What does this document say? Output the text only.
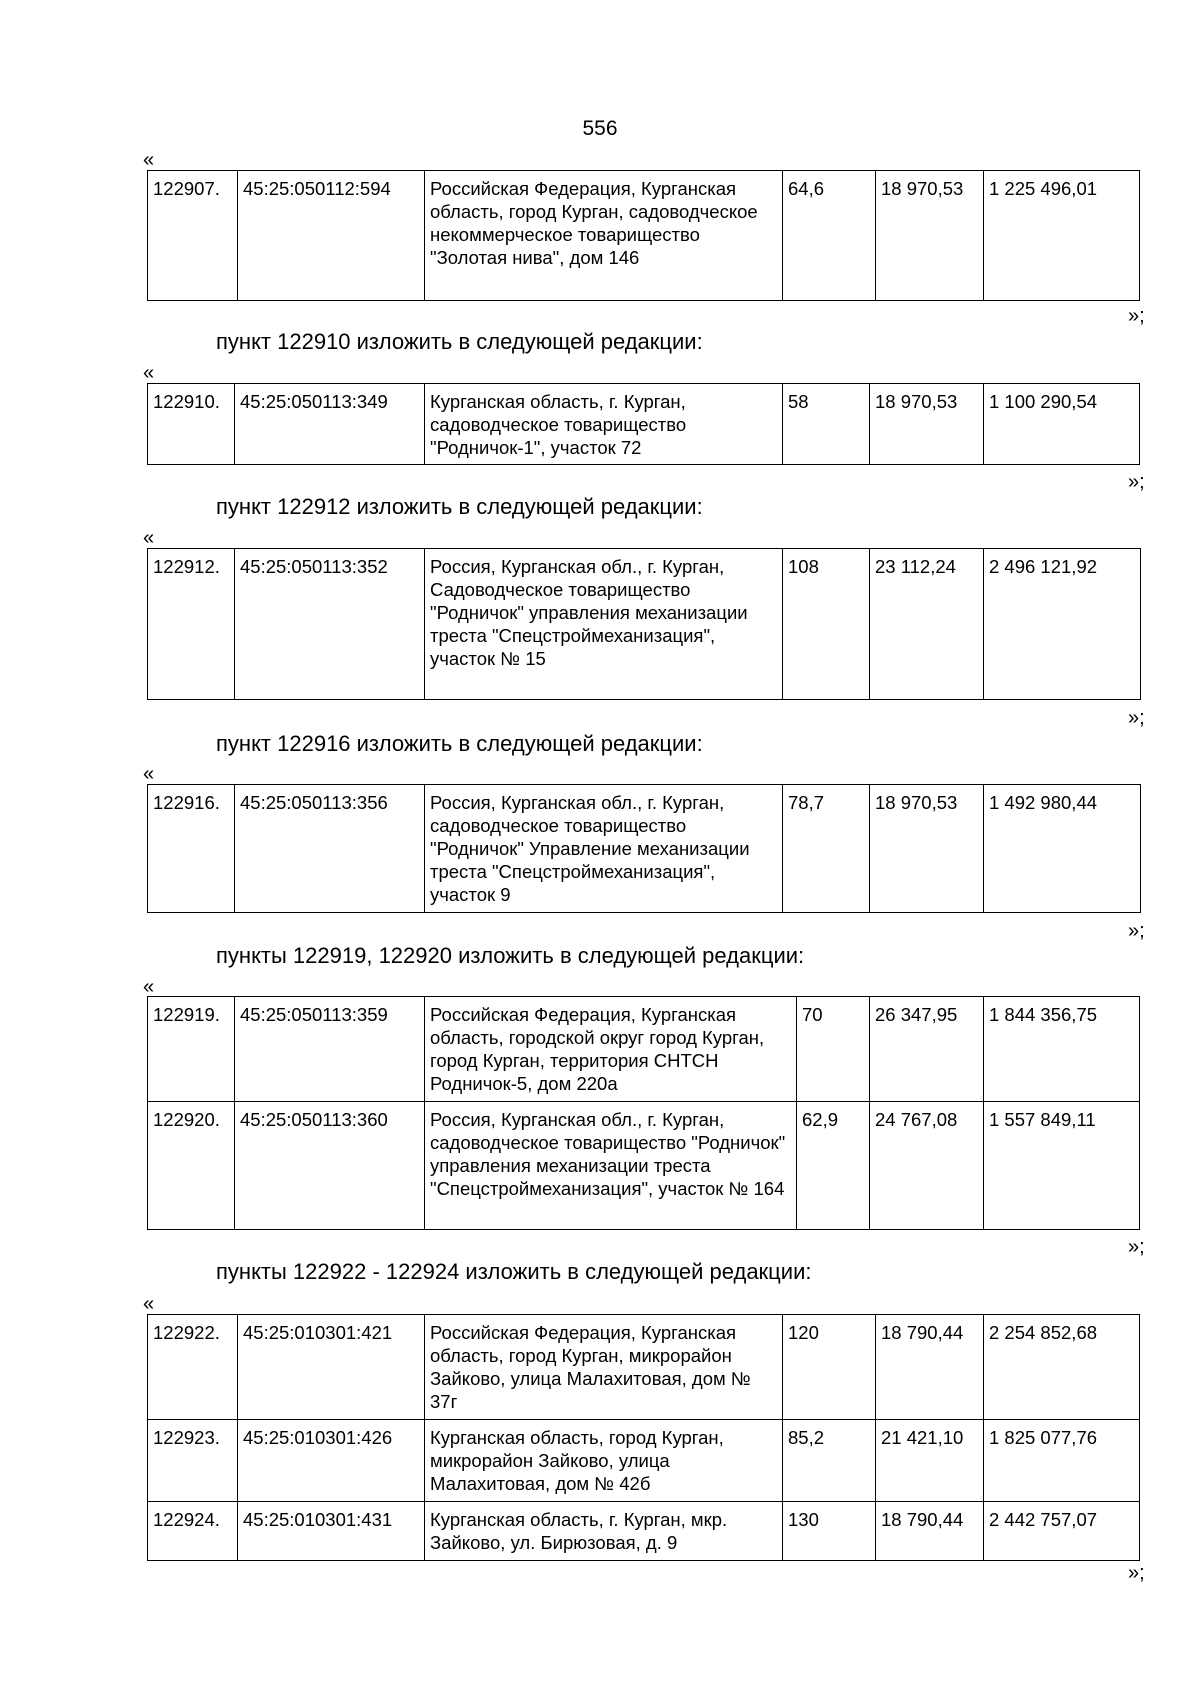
556
«
122907.	45:25:050112:594	Российская Федерация, Курганская область, город Курган, садоводческое некоммерческое товарищество "Золотая нива", дом 146	64,6	18 970,53	1 225 496,01
»;
пункт 122910 изложить в следующей редакции:
«
122910.	45:25:050113:349	Курганская область, г. Курган, садоводческое товарищество "Родничок-1", участок 72	58	18 970,53	1 100 290,54
»;
пункт 122912 изложить в следующей редакции:
«
122912.	45:25:050113:352	Россия, Курганская обл., г. Курган, Садоводческое товарищество "Родничок" управления механизации треста "Спецстроймеханизация", участок № 15	108	23 112,24	2 496 121,92
»;
пункт 122916 изложить в следующей редакции:
«
122916.	45:25:050113:356	Россия, Курганская обл., г. Курган, садоводческое товарищество "Родничок" Управление механизации треста "Спецстроймеханизация", участок 9	78,7	18 970,53	1 492 980,44
»;
пункты 122919, 122920 изложить в следующей редакции:
«
122919.	45:25:050113:359	Российская Федерация, Курганская область, городской округ город Курган, город Курган, территория СНТСН Родничок-5, дом 220а	70	26 347,95	1 844 356,75
122920.	45:25:050113:360	Россия, Курганская обл., г. Курган, садоводческое товарищество "Родничок" управления механизации треста "Спецстроймеханизация", участок № 164	62,9	24 767,08	1 557 849,11
»;
пункты 122922 - 122924 изложить в следующей редакции:
«
122922.	45:25:010301:421	Российская Федерация, Курганская область, город Курган, микрорайон Зайково, улица Малахитовая, дом № 37г	120	18 790,44	2 254 852,68
122923.	45:25:010301:426	Курганская область, город Курган, микрорайон Зайково, улица Малахитовая, дом № 42б	85,2	21 421,10	1 825 077,76
122924.	45:25:010301:431	Курганская область, г. Курган, мкр. Зайково, ул. Бирюзовая, д. 9	130	18 790,44	2 442 757,07
»;
